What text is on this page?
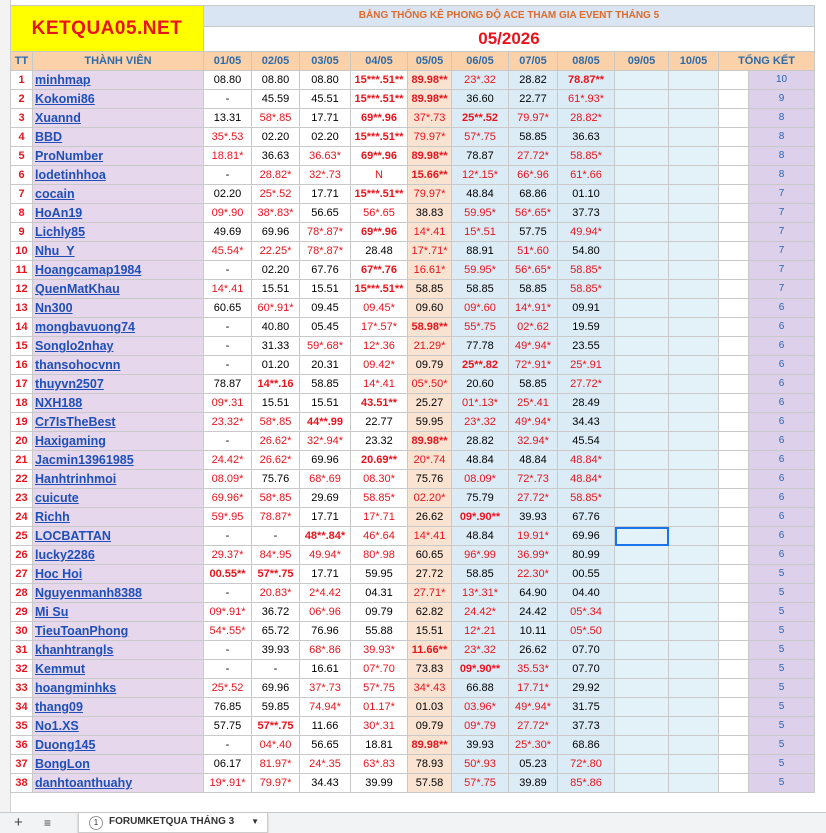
KETQUA05.NET		BẢNG THỐNG KÊ PHONG ĐỘ ACE THAM GIA EVENT THÁNG 5											
		05/2026											
TT	THÀNH VIÊN	01/05	02/05	03/05	04/05	05/05	06/05	07/05	08/05	09/05	10/05	TỔNG KẾT	
1	minhmap	08.80	08.80	08.80	15***.51**	89.98**	23*.32	28.82	78.87**				10
2	Kokomi86	-	45.59	45.51	15***.51**	89.98**	36.60	22.77	61*.93*				9
3	Xuannd	13.31	58*.85	17.71	69**.96	37*.73	25**.52	79.97*	28.82*				8
4	BBD	35*.53	02.20	02.20	15***.51**	79.97*	57*.75	58.85	36.63				8
5	ProNumber	18.81*	36.63	36.63*	69**.96	89.98**	78.87	27.72*	58.85*				8
6	lodetinhhoa	-	28.82*	32*.73	N	15.66**	12*.15*	66*.96	61*.66				8
7	cocain	02.20	25*.52	17.71	15***.51**	79.97*	48.84	68.86	01.10				7
8	HoAn19	09*.90	38*.83*	56.65	56*.65	38.83	59.95*	56*.65*	37.73				7
9	Lichly85	49.69	69.96	78*.87*	69**.96	14*.41	15*.51	57.75	49.94*				7
10	Nhu_Y	45.54*	22.25*	78*.87*	28.48	17*.71*	88.91	51*.60	54.80				7
11	Hoangcamap1984	-	02.20	67.76	67**.76	16.61*	59.95*	56*.65*	58.85*				7
12	QuenMatKhau	14*.41	15.51	15.51	15***.51**	58.85	58.85	58.85	58.85*				7
13	Nn300	60.65	60*.91*	09.45	09.45*	09.60	09*.60	14*.91*	09.91				6
14	mongbavuong74	-	40.80	05.45	17*.57*	58.98**	55*.75	02*.62	19.59				6
15	Songlo2nhay	-	31.33	59*.68*	12*.36	21.29*	77.78	49*.94*	23.55				6
16	thansohocvnn	-	01.20	20.31	09.42*	09.79	25**.82	72*.91*	25*.91				6
17	thuyvn2507	78.87	14**.16	58.85	14*.41	05*.50*	20.60	58.85	27.72*				6
18	NXH188	09*.31	15.51	15.51	43.51**	25.27	01*.13*	25*.41	28.49				6
19	Cr7IsTheBest	23.32*	58*.85	44**.99	22.77	59.95	23*.32	49*.94*	34.43				6
20	Haxigaming	-	26.62*	32*.94*	23.32	89.98**	28.82	32.94*	45.54				6
21	Jacmin13961985	24.42*	26.62*	69.96	20.69**	20*.74	48.84	48.84	48.84*				6
22	Hanhtrinhmoi	08.09*	75.76	68*.69	08.30*	75.76	08.09*	72*.73	48.84*				6
23	cuicute	69.96*	58*.85	29.69	58.85*	02.20*	75.79	27.72*	58.85*				6
24	Richh	59*.95	78.87*	17.71	17*.71	26.62	09*.90**	39.93	67.76				6
25	LOCBATTAN	-	-	48**.84*	46*.64	14*.41	48.84	19.91*	69.96				6
26	lucky2286	29.37*	84*.95	49.94*	80*.98	60.65	96*.99	36.99*	80.99				6
27	Hoc Hoi	00.55**	57**.75	17.71	59.95	27.72	58.85	22.30*	00.55				5
28	Nguyenmanh8388	-	20.83*	2*4.42	04.31	27.71*	13*.31*	64.90	04.40				5
29	Mi Su	09*.91*	36.72	06*.96	09.79	62.82	24.42*	24.42	05*.34				5
30	TieuToanPhong	54*.55*	65.72	76.96	55.88	15.51	12*.21	10.11	05*.50				5
31	khanhtrangls	-	39.93	68*.86	39.93*	11.66**	23*.32	26.62	07.70				5
32	Kemmut	-	-	16.61	07*.70	73.83	09*.90**	35.53*	07.70				5
33	hoangminhks	25*.52	69.96	37*.73	57*.75	34*.43	66.88	17.71*	29.92				5
34	thang09	76.85	59.85	74.94*	01.17*	01.03	03.96*	49*.94*	31.75				5
35	No1.XS	57.75	57**.75	11.66	30*.31	09.79	09*.79	27.72*	37.73				5
36	Duong145	-	04*.40	56.65	18.81	89.98**	39.93	25*.30*	68.86				5
37	BongLon	06.17	81.97*	24*.35	63*.83	78.93	50*.93	05.23	72*.80				5
38	danhtoanthuahy	19*.91*	79.97*	34.43	39.99	57.58	57*.75	39.89	85*.86				5
+ ≡	1	FORUMKETQUA THÁNG 3 ▼
